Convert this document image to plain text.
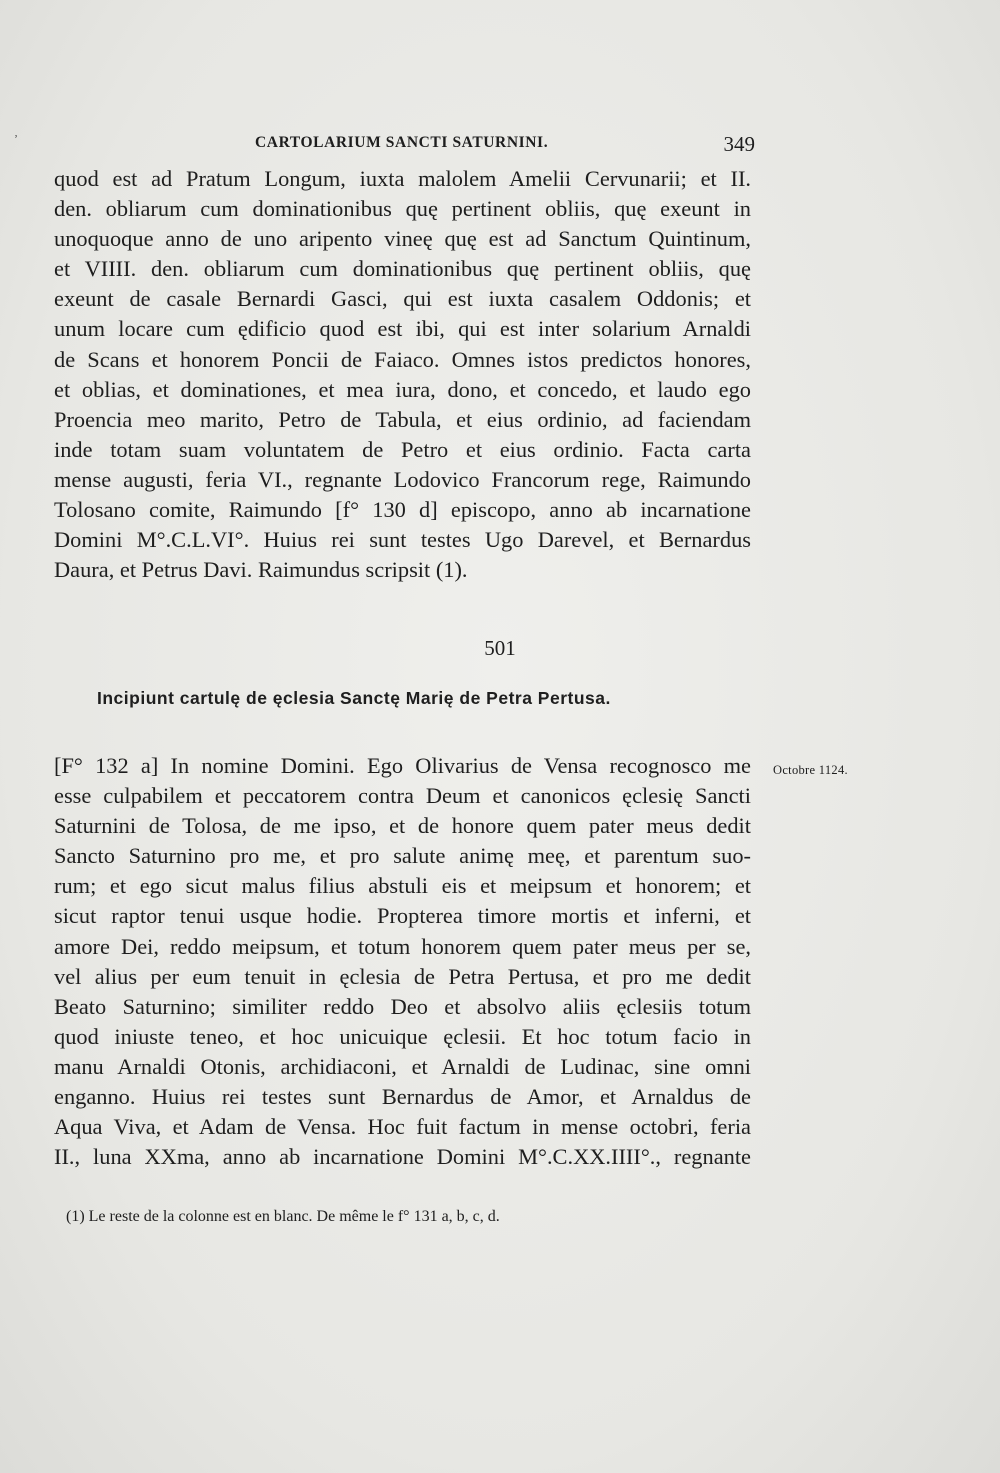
ʼ	CARTOLARIUM SANCTI SATURNINI.	349
quod est ad Pratum Longum, iuxta malolem Amelii Cervunarii; et II.
den. obliarum cum dominationibus quę pertinent obliis, quę exeunt in
unoquoque anno de uno aripento vineę quę est ad Sanctum Quintinum,
et VIIII. den. obliarum cum dominationibus quę pertinent obliis, quę
exeunt de casale Bernardi Gasci, qui est iuxta casalem Oddonis; et
unum locare cum ędificio quod est ibi, qui est inter solarium Arnaldi
de Scans et honorem Poncii de Faiaco. Omnes istos predictos honores,
et oblias, et dominationes, et mea iura, dono, et concedo, et laudo ego
Proencia meo marito, Petro de Tabula, et eius ordinio, ad faciendam
inde totam suam voluntatem de Petro et eius ordinio. Facta carta
mense augusti, feria VI., regnante Lodovico Francorum rege, Raimundo
Tolosano comite, Raimundo [f° 130 d] episcopo, anno ab incarnatione
Domini M°.C.L.VI°. Huius rei sunt testes Ugo Darevel, et Bernardus
Daura, et Petrus Davi. Raimundus scripsit (1).
501
Incipiunt cartulę de ęclesia Sanctę Marię de Petra Pertusa.
Octobre 1124.
[F° 132 a] In nomine Domini. Ego Olivarius de Vensa recognosco me
esse culpabilem et peccatorem contra Deum et canonicos ęclesię Sancti
Saturnini de Tolosa, de me ipso, et de honore quem pater meus dedit
Sancto Saturnino pro me, et pro salute animę meę, et parentum suo-
rum; et ego sicut malus filius abstuli eis et meipsum et honorem; et
sicut raptor tenui usque hodie. Propterea timore mortis et inferni, et
amore Dei, reddo meipsum, et totum honorem quem pater meus per se,
vel alius per eum tenuit in ęclesia de Petra Pertusa, et pro me dedit
Beato Saturnino; similiter reddo Deo et absolvo aliis ęclesiis totum
quod iniuste teneo, et hoc unicuique ęclesii. Et hoc totum facio in
manu Arnaldi Otonis, archidiaconi, et Arnaldi de Ludinac, sine omni
enganno. Huius rei testes sunt Bernardus de Amor, et Arnaldus de
Aqua Viva, et Adam de Vensa. Hoc fuit factum in mense octobri, feria
II., luna XXma, anno ab incarnatione Domini M°.C.XX.IIII°., regnante
(1) Le reste de la colonne est en blanc. De même le f° 131 a, b, c, d.
